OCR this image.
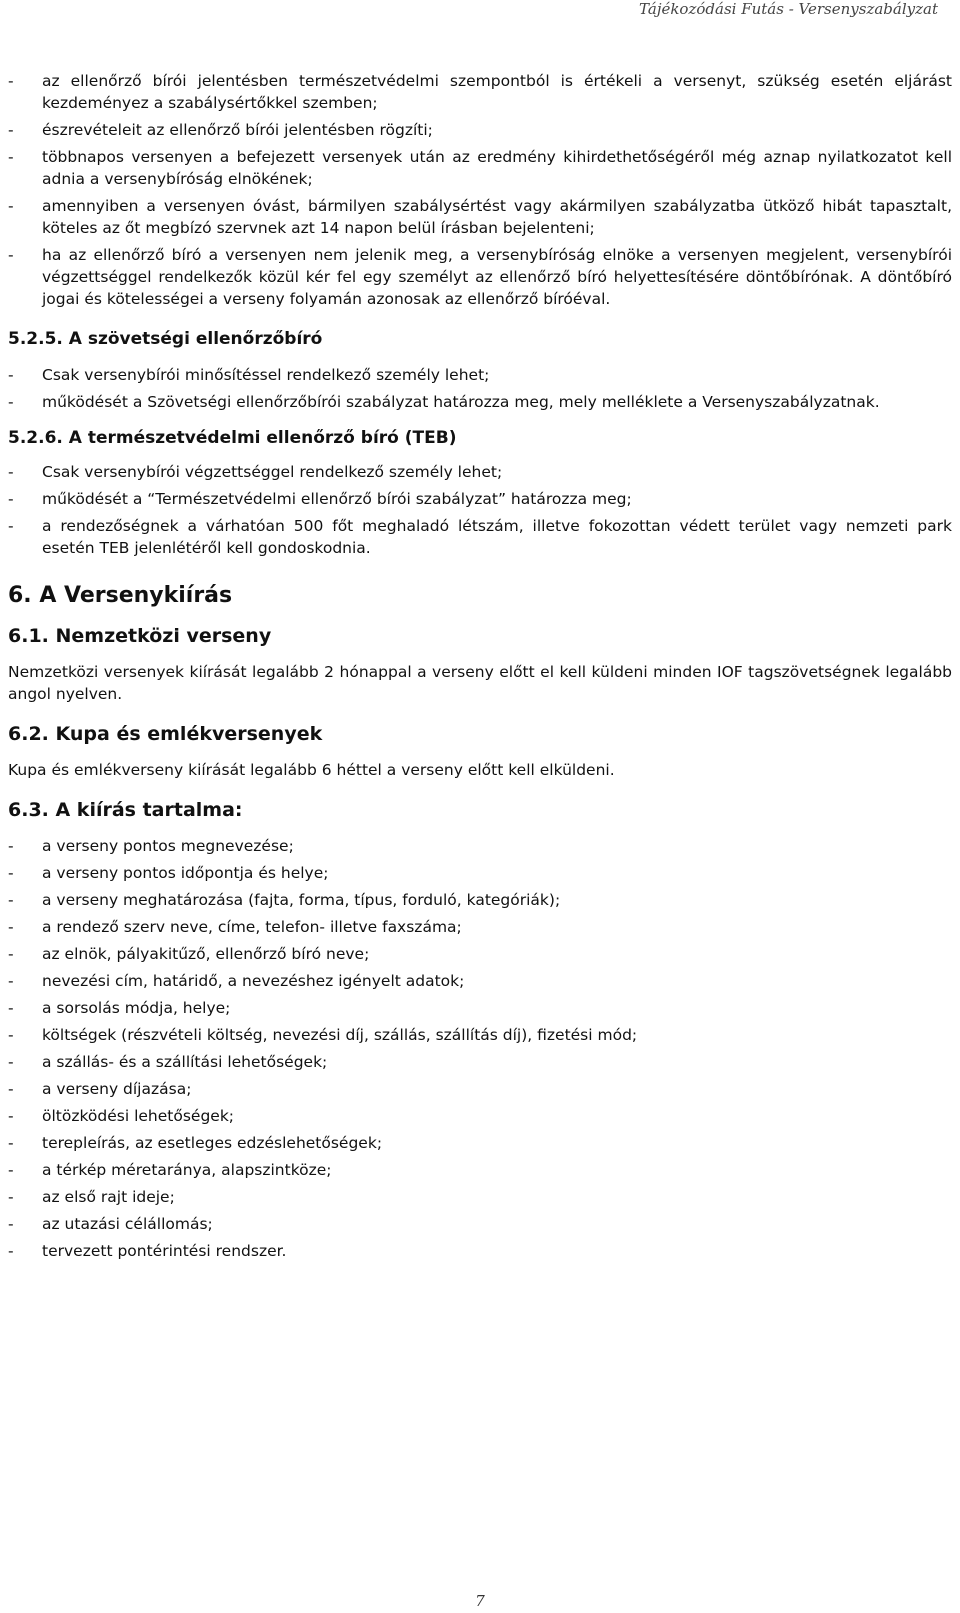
Tájékozódási Futás - Versenyszabályzat
- az ellenőrző bírói jelentésben természetvédelmi szempontból is értékeli a versenyt, szükség esetén eljárást kezdeményez a szabálysértőkkel szemben;
- észrevételeit az ellenőrző bírói jelentésben rögzíti;
- többnapos versenyen a befejezett versenyek után az eredmény kihirdethetőségéről még aznap nyilatkozatot kell adnia a versenybíróság elnökének;
- amennyiben a versenyen óvást, bármilyen szabálysértést vagy akármilyen szabályzatba ütköző hibát tapasztalt, köteles az őt megbízó szervnek azt 14 napon belül írásban bejelenteni;
- ha az ellenőrző bíró a versenyen nem jelenik meg, a versenybíróság elnöke a versenyen megjelent, versenybírói végzettséggel rendelkezők közül kér fel egy személyt az ellenőrző bíró helyettesítésére döntőbírónak. A döntőbíró jogai és kötelességei a verseny folyamán azonosak az ellenőrző bíróéval.

5.2.5. A szövetségi ellenőrzőbíró

- Csak versenybírói minősítéssel rendelkező személy lehet;
- működését a Szövetségi ellenőrzőbírói szabályzat határozza meg, mely melléklete a Versenyszabályzatnak.

5.2.6. A természetvédelmi ellenőrző bíró (TEB)

- Csak versenybírói végzettséggel rendelkező személy lehet;
- működését a “Természetvédelmi ellenőrző bírói szabályzat” határozza meg;
- a rendezőségnek a várhatóan 500 főt meghaladó létszám, illetve fokozottan védett terület vagy nemzeti park esetén TEB jelenlétéről kell gondoskodnia.

6. A Versenykiírás

6.1. Nemzetközi verseny

Nemzetközi versenyek kiírását legalább 2 hónappal a verseny előtt el kell küldeni minden IOF tagszövetségnek legalább angol nyelven.

6.2. Kupa és emlékversenyek

Kupa és emlékverseny kiírását legalább 6 héttel a verseny előtt kell elküldeni.

6.3. A kiírás tartalma:

- a verseny pontos megnevezése;
- a verseny pontos időpontja és helye;
- a verseny meghatározása (fajta, forma, típus, forduló, kategóriák);
- a rendező szerv neve, címe, telefon- illetve faxszáma;
- az elnök, pályakitűző, ellenőrző bíró neve;
- nevezési cím, határidő, a nevezéshez igényelt adatok;
- a sorsolás módja, helye;
- költségek (részvételi költség, nevezési díj, szállás, szállítás díj), fizetési mód;
- a szállás- és a szállítási lehetőségek;
- a verseny díjazása;
- öltözködési lehetőségek;
- terepleírás, az esetleges edzéslehetőségek;
- a térkép méretaránya, alapszintköze;
- az első rajt ideje;
- az utazási célállomás;
- tervezett pontérintési rendszer.
7
